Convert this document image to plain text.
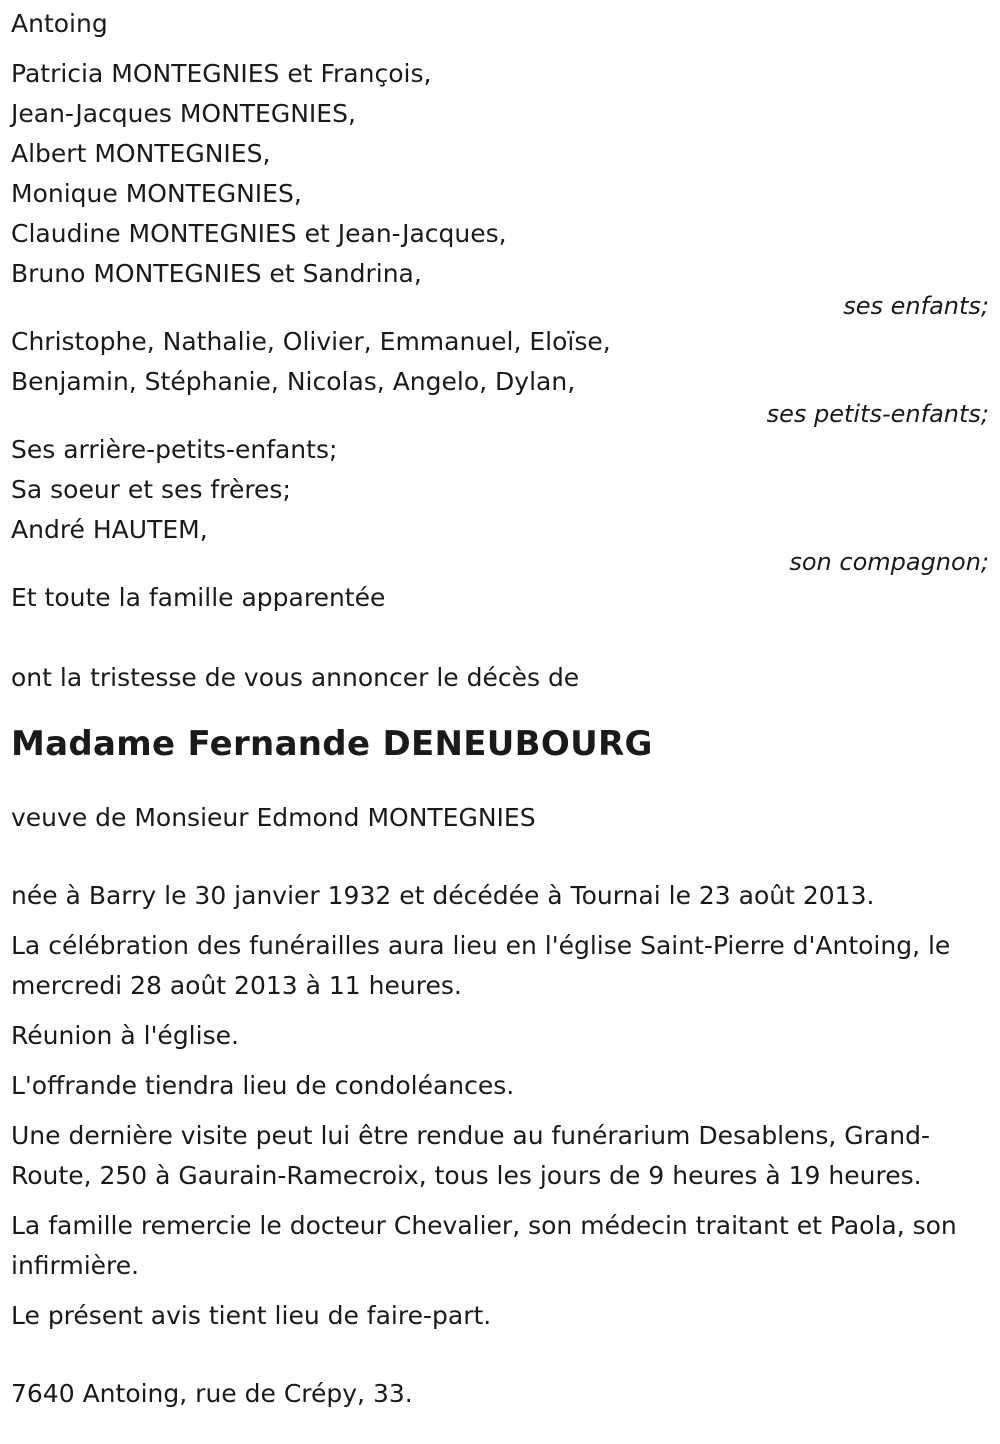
Antoing

Patricia MONTEGNIES et François,

Jean-Jacques MONTEGNIES,

Albert MONTEGNIES,

Monique MONTEGNIES,

Claudine MONTEGNIES et Jean-Jacques,

Bruno MONTEGNIES et Sandrina,

ses enfants;

Christophe, Nathalie, Olivier, Emmanuel, Eloïse,

Benjamin, Stéphanie, Nicolas, Angelo, Dylan,

ses petits-enfants;

Ses arrière-petits-enfants;

Sa soeur et ses frères;

André HAUTEM,

son compagnon;

Et toute la famille apparentée

ont la tristesse de vous annoncer le décès de

Madame Fernande DENEUBOURG

veuve de Monsieur Edmond MONTEGNIES

née à Barry le 30 janvier 1932 et décédée à Tournai le 23 août 2013.

La célébration des funérailles aura lieu en l'église Saint-Pierre d'Antoing, le mercredi 28 août 2013 à 11 heures.

Réunion à l'église.

L'offrande tiendra lieu de condoléances.

Une dernière visite peut lui être rendue au funérarium Desablens, Grand-Route, 250 à Gaurain-Ramecroix, tous les jours de 9 heures à 19 heures.

La famille remercie le docteur Chevalier, son médecin traitant et Paola, son infirmière.

Le présent avis tient lieu de faire-part.

7640 Antoing, rue de Crépy, 33.
